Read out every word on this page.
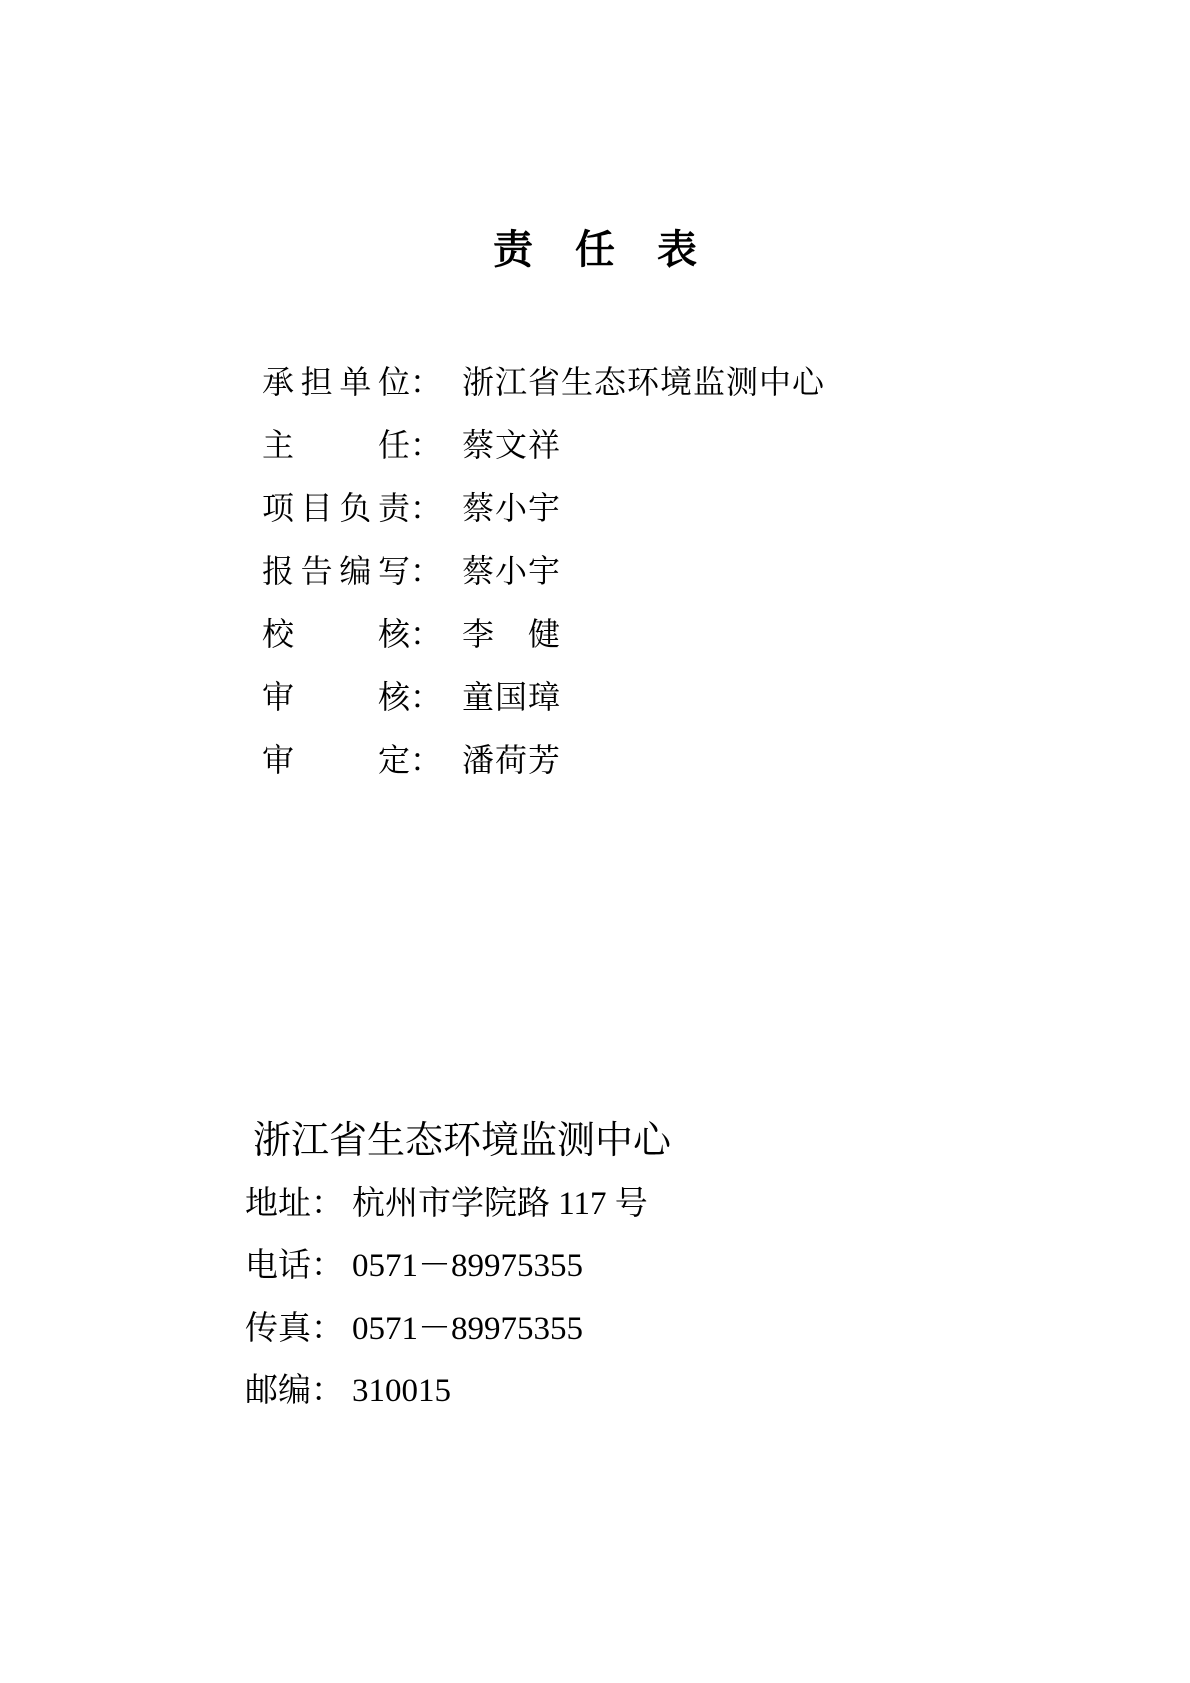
责任表
承 担 单 位 ： 浙江省生态环境监测中心
主	任 ： 蔡文祥
项 目 负 责 ： 蔡小宇
报 告 编 写 ： 蔡小宇
校	核 ： 李　健
审	核 ： 童国璋
审	定 ： 潘荷芳
浙江省生态环境监测中心
地址： 杭州市学院路 117 号
电话： 0571－89975355
传真： 0571－89975355
邮编： 310015
